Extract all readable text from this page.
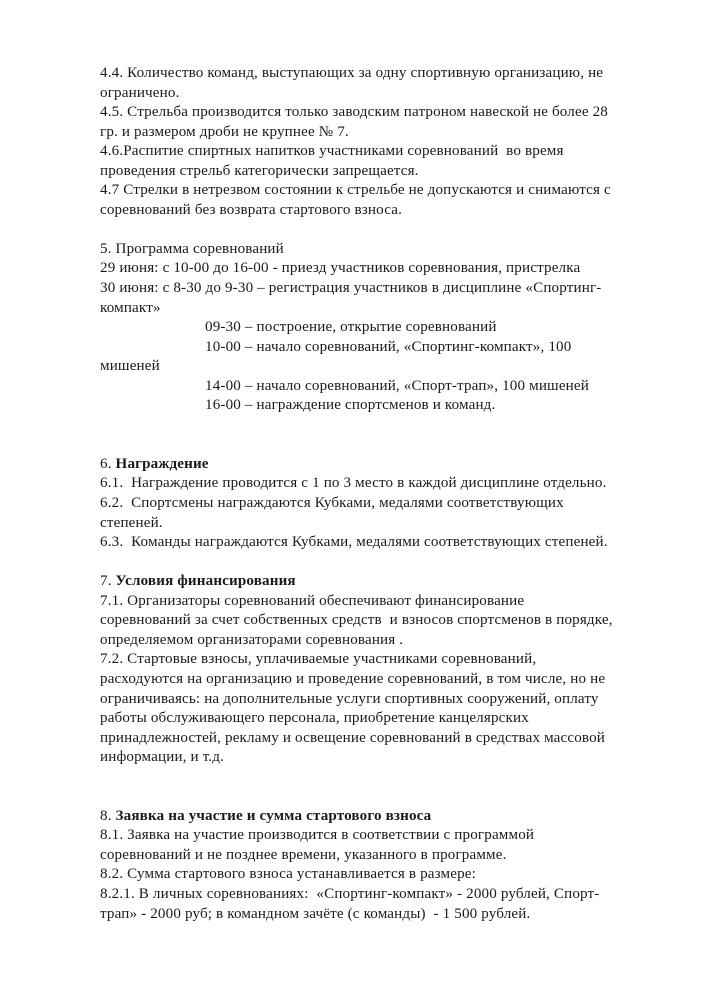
4.4. Количество команд, выступающих за одну спортивную организацию, не

ограничено.

4.5. Стрельба производится только заводским патроном навеской не более 28

гр. и размером дроби не крупнее № 7.

4.6.Распитие спиртных напитков участниками соревнований  во время

проведения стрельб категорически запрещается.

4.7 Стрелки в нетрезвом состоянии к стрельбе не допускаются и снимаются с

соревнований без возврата стартового взноса.

5. Программа соревнований

29 июня: с 10-00 до 16-00 - приезд участников соревнования, пристрелка

30 июня: с 8-30 до 9-30 – регистрация участников в дисциплине «Спортинг-

компакт»

09-30 – построение, открытие соревнований

10-00 – начало соревнований, «Спортинг-компакт», 100

мишеней

14-00 – начало соревнований, «Спорт-трап», 100 мишеней

16-00 – награждение спортсменов и команд.

6. Награждение

6.1.  Награждение проводится с 1 по 3 место в каждой дисциплине отдельно.

6.2.  Спортсмены награждаются Кубками, медалями соответствующих

степеней.

6.3.  Команды награждаются Кубками, медалями соответствующих степеней.

7. Условия финансирования

7.1. Организаторы соревнований обеспечивают финансирование

соревнований за счет собственных средств  и взносов спортсменов в порядке,

определяемом организаторами соревнования .

7.2. Стартовые взносы, уплачиваемые участниками соревнований,

расходуются на организацию и проведение соревнований, в том числе, но не

ограничиваясь: на дополнительные услуги спортивных сооружений, оплату

работы обслуживающего персонала, приобретение канцелярских

принадлежностей, рекламу и освещение соревнований в средствах массовой

информации, и т.д.

8. Заявка на участие и сумма стартового взноса

8.1. Заявка на участие производится в соответствии с программой

соревнований и не позднее времени, указанного в программе.

8.2. Сумма стартового взноса устанавливается в размере:

8.2.1. В личных соревнованиях:  «Спортинг-компакт» - 2000 рублей, Спорт-

трап» - 2000 руб; в командном зачёте (с команды)  - 1 500 рублей.
